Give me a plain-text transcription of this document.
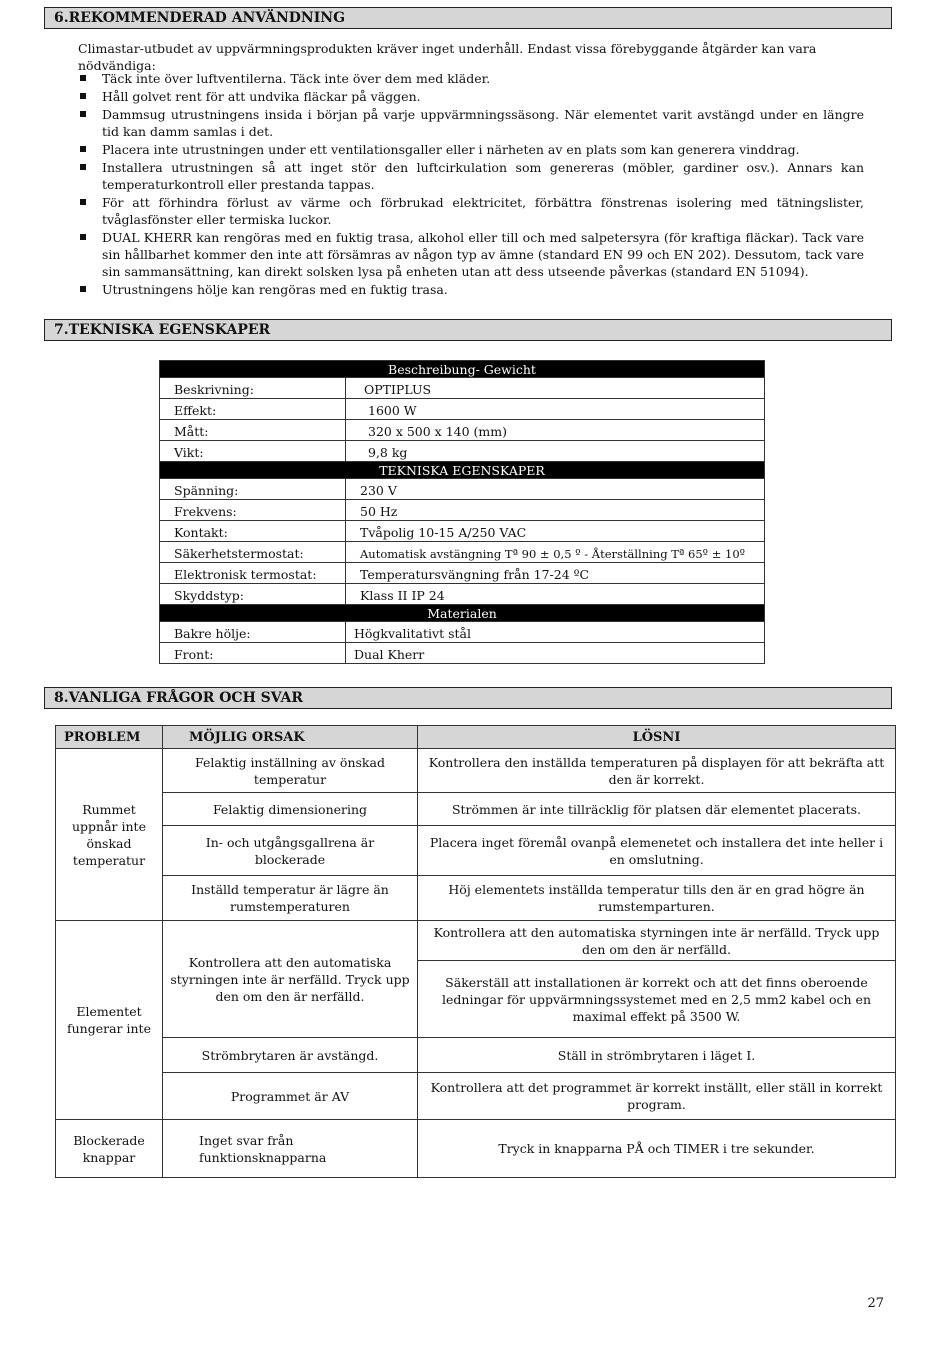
6.REKOMMENDERAD ANVÄNDNING
Climastar-utbudet av uppvärmningsprodukten kräver inget underhåll. Endast vissa förebyggande åtgärder kan vara nödvändiga:
Täck inte över luftventilerna. Täck inte över dem med kläder.
Håll golvet rent för att undvika fläckar på väggen.
Dammsug utrustningens insida i början på varje uppvärmningssäsong. När elementet varit avstängd under en längre tid kan damm samlas i det.
Placera inte utrustningen under ett ventilationsgaller eller i närheten av en plats som kan generera vinddrag.
Installera utrustningen så att inget stör den luftcirkulation som genereras (möbler, gardiner osv.). Annars kan temperaturkontroll eller prestanda tappas.
För att förhindra förlust av värme och förbrukad elektricitet, förbättra fönstrenas isolering med tätningslister, tvåglasfönster eller termiska luckor.
DUAL KHERR kan rengöras med en fuktig trasa, alkohol eller till och med salpetersyra (för kraftiga fläckar). Tack vare sin hållbarhet kommer den inte att försämras av någon typ av ämne (standard EN 99 och EN 202). Dessutom, tack vare sin sammansättning, kan direkt solsken lysa på enheten utan att dess utseende påverkas (standard EN 51094).
Utrustningens hölje kan rengöras med en fuktig trasa.
7.TEKNISKA EGENSKAPER
Beschreibung- Gewicht	
Beskrivning:	OPTIPLUS
Effekt:	1600 W
Mått:	320 x 500 x 140 (mm)
Vikt:	9,8 kg
TEKNISKA EGENSKAPER	
Spänning:	230 V
Frekvens:	50 Hz
Kontakt:	Tvåpolig 10-15 A/250 VAC
Säkerhetstermostat:	Automatisk avstängning Tª 90 ± 0,5 º - Återställning Tª 65º ± 10º
Elektronisk termostat:	Temperatursvängning från 17-24 ºC
Skyddstyp:	Klass II IP 24
Materialen	
Bakre hölje:	Högkvalitativt stål
Front:	Dual Kherr
8.VANLIGA FRÅGOR OCH SVAR
PROBLEM	MÖJLIG ORSAK	LÖSNI
Rummet uppnår inte önskad temperatur	Felaktig inställning av önskad temperatur	Kontrollera den inställda temperaturen på displayen för att bekräfta att den är korrekt.
	Felaktig dimensionering	Strömmen är inte tillräcklig för platsen där elementet placerats.
	In- och utgångsgallrena är blockerade	Placera inget föremål ovanpå elemenetet och installera det inte heller i en omslutning.
	Inställd temperatur är lägre än rumstemperaturen	Höj elementets inställda temperatur tills den är en grad högre än rumstemparturen.
Elementet fungerar inte	Kontrollera att den automatiska styrningen inte är nerfälld. Tryck upp den om den är nerfälld.	Kontrollera att den automatiska styrningen inte är nerfälld. Tryck upp den om den är nerfälld.
		Säkerställ att installationen är korrekt och att det finns oberoende ledningar för uppvärmningssystemet med en 2,5 mm2 kabel och en maximal effekt på 3500 W.
	Strömbrytaren är avstängd.	Ställ in strömbrytaren i läget I.
	Programmet är AV	Kontrollera att det programmet är korrekt inställt, eller ställ in korrekt program.

Blockerade knappar	Inget svar från funktionsknapparna	Tryck in knapparna PÅ och TIMER i tre sekunder.
27
